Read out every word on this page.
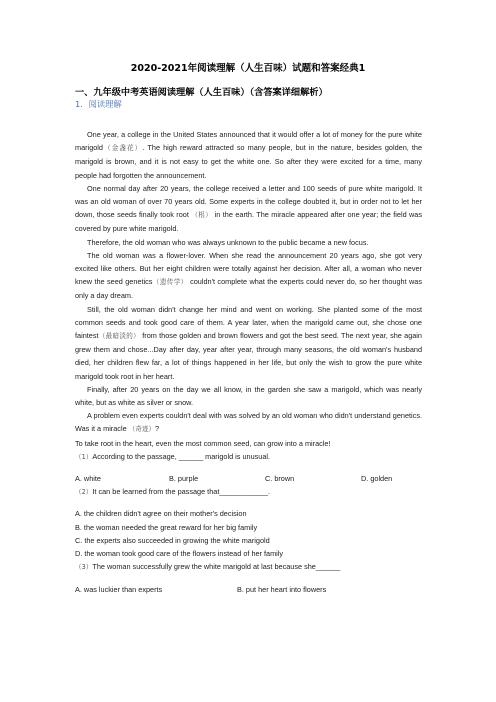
2020-2021年阅读理解（人生百味）试题和答案经典1
一、九年级中考英语阅读理解（人生百味）（含答案详细解析）
1．阅读理解

One year, a college in the United States announced that it would offer a lot of money for the pure white marigold（金盏花）. The high reward attracted so many people, but in the nature, besides golden, the marigold is brown, and it is not easy to get the white one. So after they were excited for a time, many people had forgotten the announcement.

One normal day after 20 years, the college received a letter and 100 seeds of pure white marigold. It was an old woman of over 70 years old. Some experts in the college doubted it, but in order not to let her down, those seeds finally took root （根） in the earth. The miracle appeared after one year; the field was covered by pure white marigold.

Therefore, the old woman who was always unknown to the public became a new focus.

The old woman was a flower-lover. When she read the announcement 20 years ago, she got very excited like others. But her eight children were totally against her decision. After all, a woman who never knew the seed genetics（遗传学） couldn't complete what the experts could never do, so her thought was only a day dream.

Still, the old woman didn't change her mind and went on working. She planted some of the most common seeds and took good care of them. A year later, when the marigold came out, she chose one faintest（最暗淡的） from those golden and brown flowers and got the best seed. The next year, she again grew them and chose...Day after day, year after year, through many seasons, the old woman's husband died, her children flew far, a lot of things happened in her life, but only the wish to grow the pure white marigold took root in her heart.

Finally, after 20 years on the day we all know, in the garden she saw a marigold, which was nearly white, but as white as silver or snow.

A problem even experts couldn't deal with was solved by an old woman who didn't understand genetics. Was it a miracle （奇迹）?

To take root in the heart, even the most common seed, can grow into a miracle!

（1）According to the passage, ______ marigold is unusual.

A. white	B. purple	C. brown	D. golden

（2）It can be learned from the passage that____________.

A. the children didn't agree on their mother's decision

B. the woman needed the great reward for her big family

C. the experts also succeeded in growing the white marigold

D. the woman took good care of the flowers instead of her family

（3）The woman successfully grew the white marigold at last because she______

A. was luckier than experts	B. put her heart into flowers
